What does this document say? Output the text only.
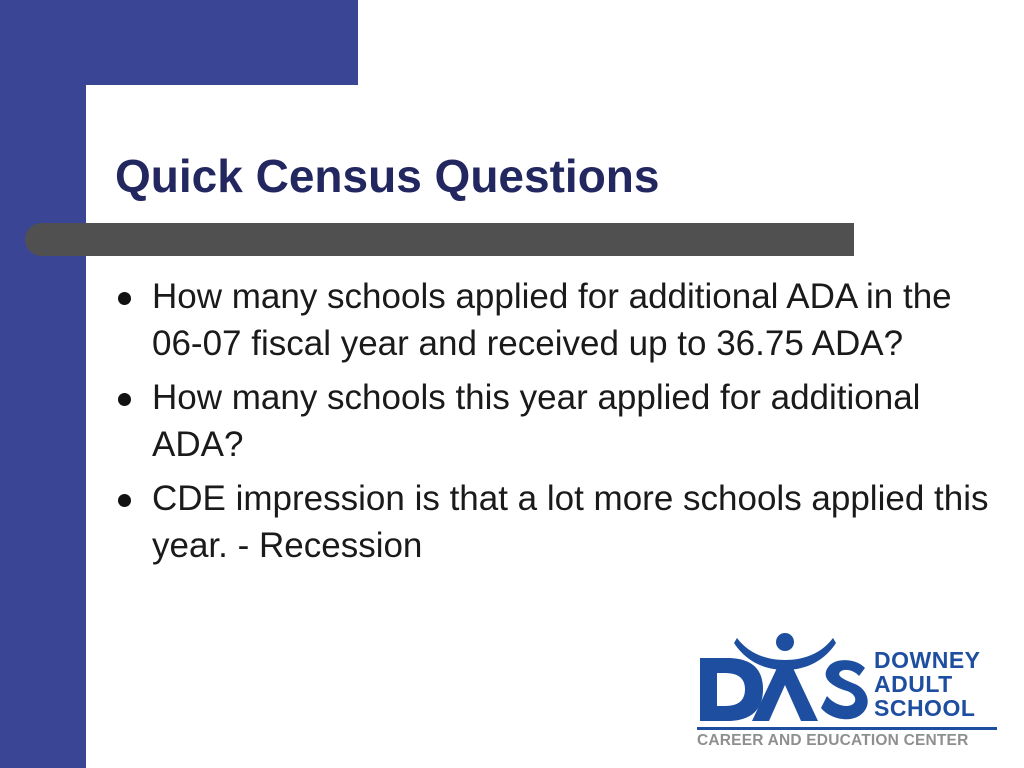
Quick Census Questions
How many schools applied for additional ADA in the 06-07 fiscal year and received up to 36.75 ADA?
How many schools this year applied for additional ADA?
CDE impression is that a lot more schools applied this year. - Recession
DOWNEY
ADULT
SCHOOL

CAREER AND EDUCATION CENTER
